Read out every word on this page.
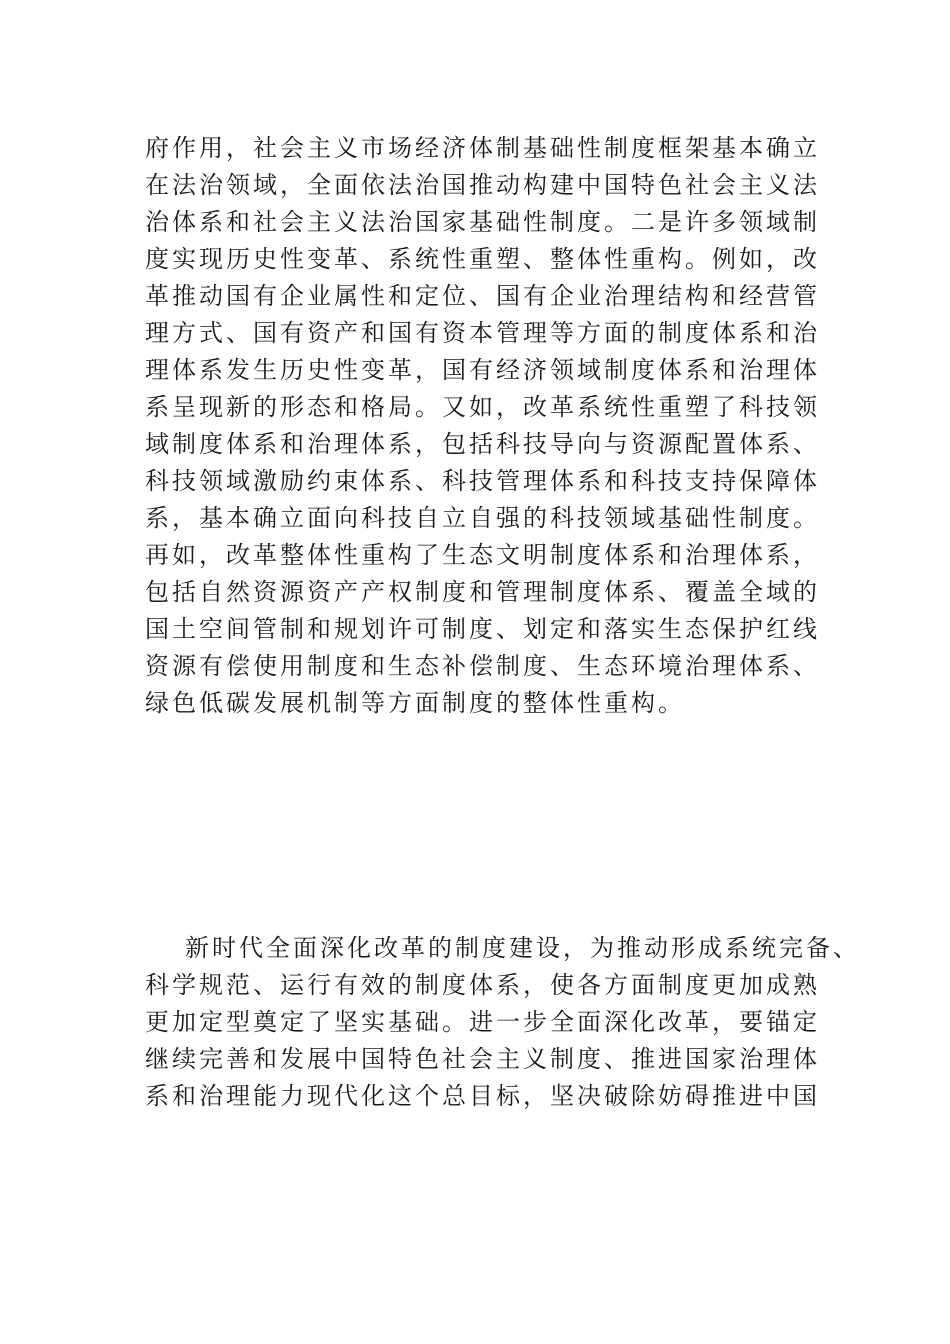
府作用，社会主义市场经济体制基础性制度框架基本确立
在法治领域，全面依法治国推动构建中国特色社会主义法
治体系和社会主义法治国家基础性制度。二是许多领域制
度实现历史性变革、系统性重塑、整体性重构。例如，改
革推动国有企业属性和定位、国有企业治理结构和经营管
理方式、国有资产和国有资本管理等方面的制度体系和治
理体系发生历史性变革，国有经济领域制度体系和治理体
系呈现新的形态和格局。又如，改革系统性重塑了科技领
域制度体系和治理体系，包括科技导向与资源配置体系、
科技领域激励约束体系、科技管理体系和科技支持保障体
系，基本确立面向科技自立自强的科技领域基础性制度。
再如，改革整体性重构了生态文明制度体系和治理体系，
包括自然资源资产产权制度和管理制度体系、覆盖全域的
国土空间管制和规划许可制度、划定和落实生态保护红线
资源有偿使用制度和生态补偿制度、生态环境治理体系、
绿色低碳发展机制等方面制度的整体性重构。
新时代全面深化改革的制度建设，为推动形成系统完备、
科学规范、运行有效的制度体系，使各方面制度更加成熟
更加定型奠定了坚实基础。进一步全面深化改革，要锚定
继续完善和发展中国特色社会主义制度、推进国家治理体
系和治理能力现代化这个总目标，坚决破除妨碍推进中国
